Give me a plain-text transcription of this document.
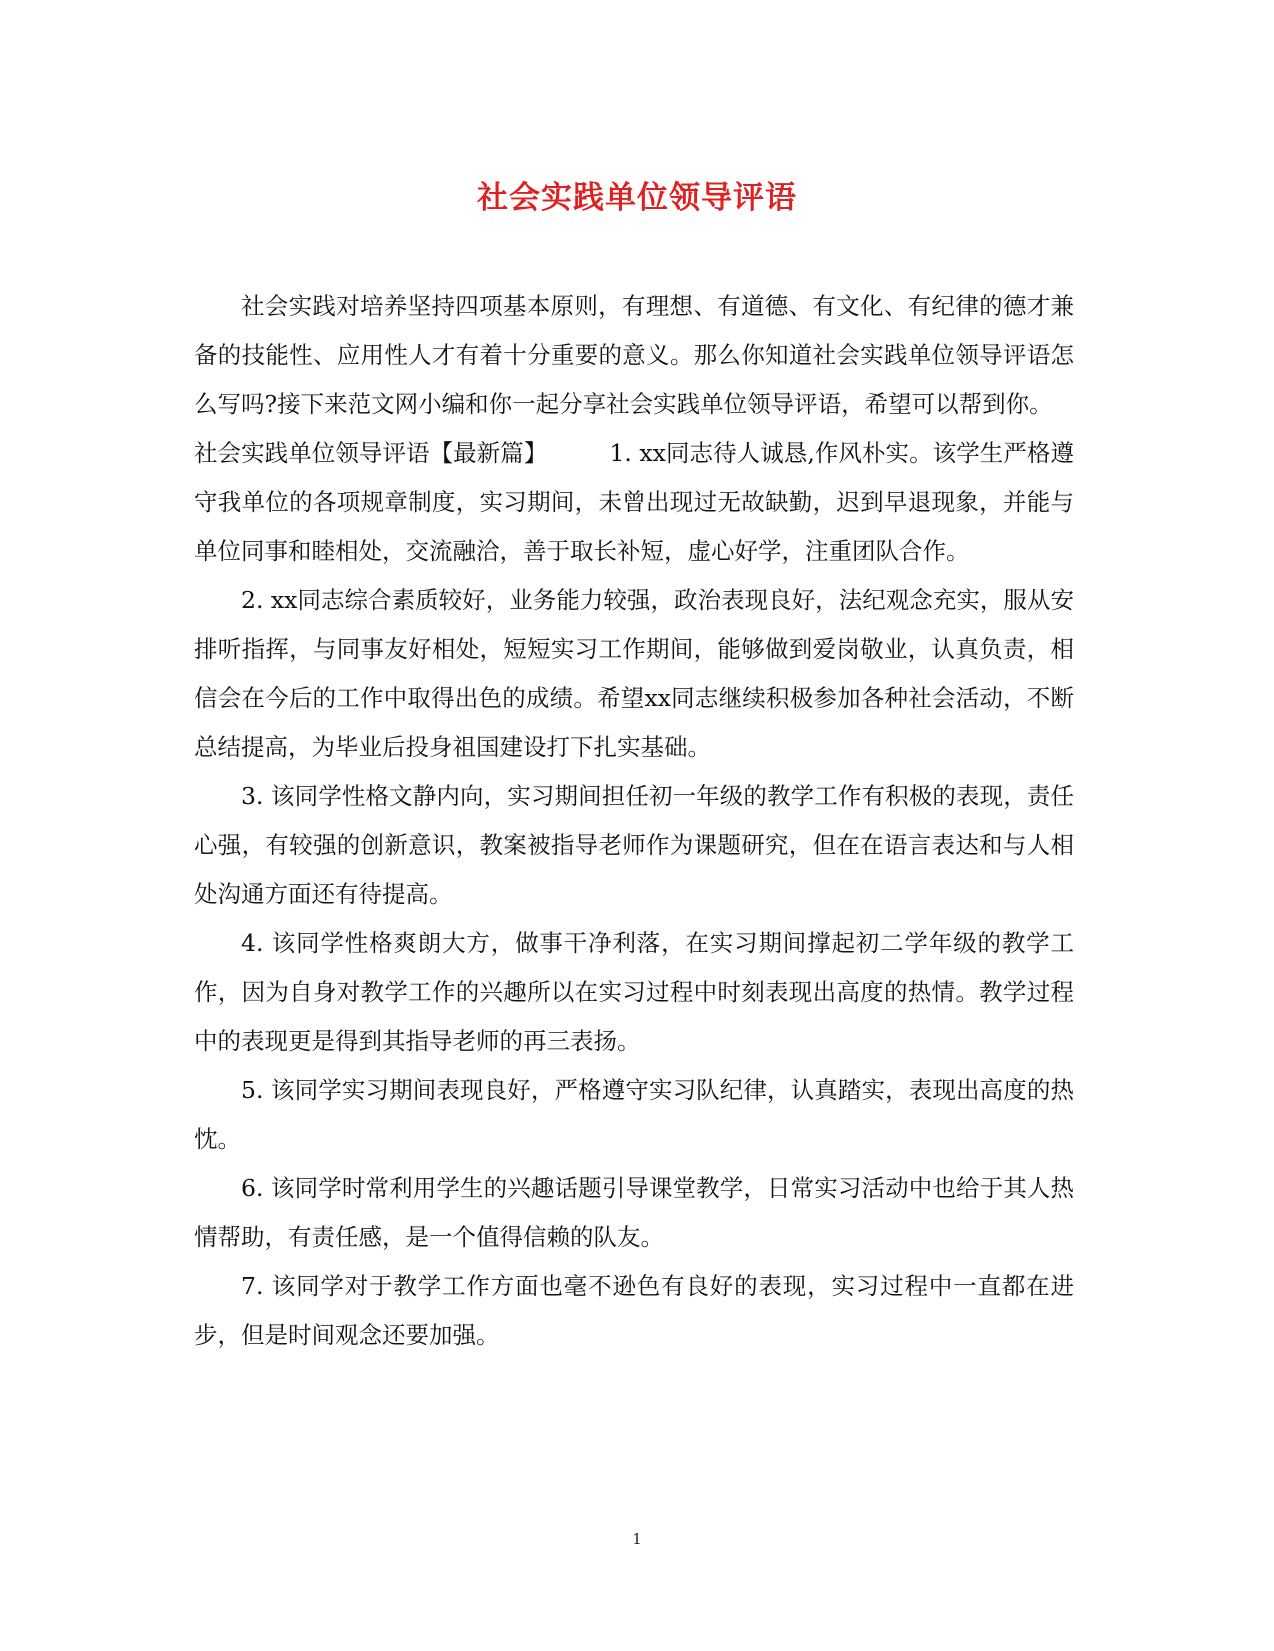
社会实践单位领导评语

社会实践对培养坚持四项基本原则，有理想、有道德、有文化、有纪律的德才兼备的技能性、应用性人才有着十分重要的意义。那么你知道社会实践单位领导评语怎么写吗?接下来范文网小编和你一起分享社会实践单位领导评语，希望可以帮到你。

社会实践单位领导评语【最新篇】	1. xx同志待人诚恳,作风朴实。该学生严格遵守我单位的各项规章制度，实习期间，未曾出现过无故缺勤，迟到早退现象，并能与单位同事和睦相处，交流融洽，善于取长补短，虚心好学，注重团队合作。

2. xx同志综合素质较好，业务能力较强，政治表现良好，法纪观念充实，服从安排听指挥，与同事友好相处，短短实习工作期间，能够做到爱岗敬业，认真负责，相信会在今后的工作中取得出色的成绩。希望xx同志继续积极参加各种社会活动，不断总结提高，为毕业后投身祖国建设打下扎实基础。

3. 该同学性格文静内向，实习期间担任初一年级的教学工作有积极的表现，责任心强，有较强的创新意识，教案被指导老师作为课题研究，但在在语言表达和与人相处沟通方面还有待提高。

4. 该同学性格爽朗大方，做事干净利落，在实习期间撑起初二学年级的教学工作，因为自身对教学工作的兴趣所以在实习过程中时刻表现出高度的热情。教学过程中的表现更是得到其指导老师的再三表扬。

5. 该同学实习期间表现良好，严格遵守实习队纪律，认真踏实，表现出高度的热忱。

6. 该同学时常利用学生的兴趣话题引导课堂教学，日常实习活动中也给于其人热情帮助，有责任感，是一个值得信赖的队友。

7. 该同学对于教学工作方面也毫不逊色有良好的表现，实习过程中一直都在进步，但是时间观念还要加强。

1
